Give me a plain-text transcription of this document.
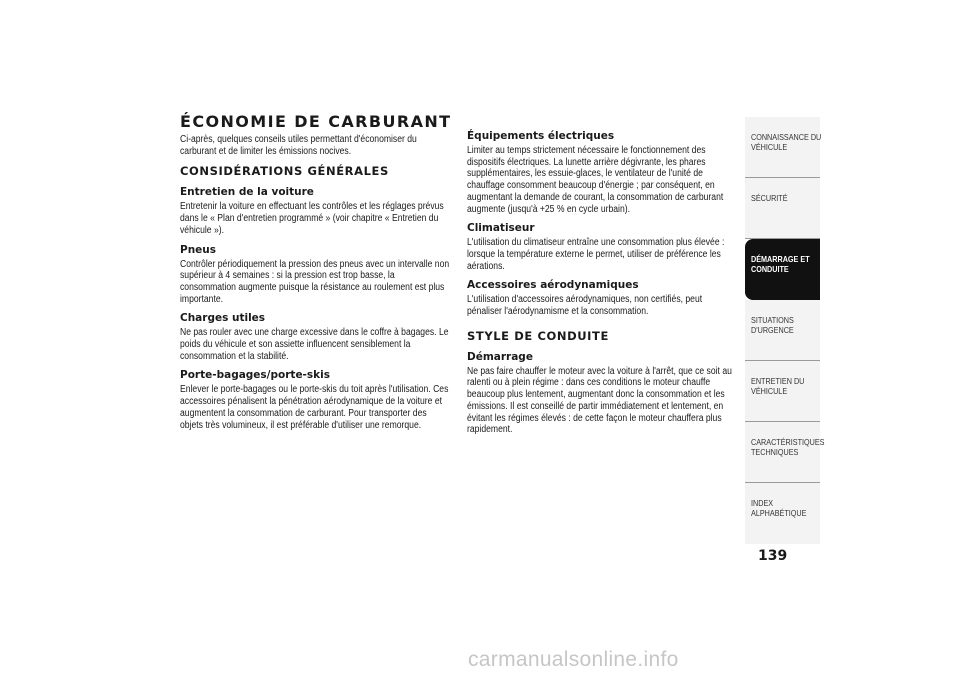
ÉCONOMIE DE CARBURANT

Ci-après, quelques conseils utiles permettant d'économiser du carburant et de limiter les émissions nocives.

CONSIDÉRATIONS GÉNÉRALES
Entretien de la voiture

Entretenir la voiture en effectuant les contrôles et les réglages prévus dans le « Plan d'entretien programmé » (voir chapitre « Entretien du véhicule »).

Pneus

Contrôler périodiquement la pression des pneus avec un intervalle non supérieur à 4 semaines : si la pression est trop basse, la consommation augmente puisque la résistance au roulement est plus importante.

Charges utiles

Ne pas rouler avec une charge excessive dans le coffre à bagages. Le poids du véhicule et son assiette influencent sensiblement la consommation et la stabilité.

Porte-bagages/porte-skis

Enlever le porte-bagages ou le porte-skis du toit après l'utilisation. Ces accessoires pénalisent la pénétration aérodynamique de la voiture et augmentent la consommation de carburant. Pour transporter des objets très volumineux, il est préférable d'utiliser une remorque.

Équipements électriques

Limiter au temps strictement nécessaire le fonctionnement des dispositifs électriques. La lunette arrière dégivrante, les phares supplémentaires, les essuie-glaces, le ventilateur de l'unité de chauffage consomment beaucoup d'énergie ; par conséquent, en augmentant la demande de courant, la consommation de carburant augmente (jusqu'à +25 % en cycle urbain).

Climatiseur

L'utilisation du climatiseur entraîne une consommation plus élevée : lorsque la température externe le permet, utiliser de préférence les aérations.

Accessoires aérodynamiques

L'utilisation d'accessoires aérodynamiques, non certifiés, peut pénaliser l'aérodynamisme et la consommation.

STYLE DE CONDUITE
Démarrage

Ne pas faire chauffer le moteur avec la voiture à l'arrêt, que ce soit au ralenti ou à plein régime : dans ces conditions le moteur chauffe beaucoup plus lentement, augmentant donc la consommation et les émissions. Il est conseillé de partir immédiatement et lentement, en évitant les régimes élevés : de cette façon le moteur chauffera plus rapidement.

CONNAISSANCE DU VÉHICULE
SÉCURITÉ
DÉMARRAGE ET CONDUITE
SITUATIONS D'URGENCE
ENTRETIEN DU VÉHICULE
CARACTÉRISTIQUES TECHNIQUES
INDEX ALPHABÉTIQUE
139
carmanualsonline.info
